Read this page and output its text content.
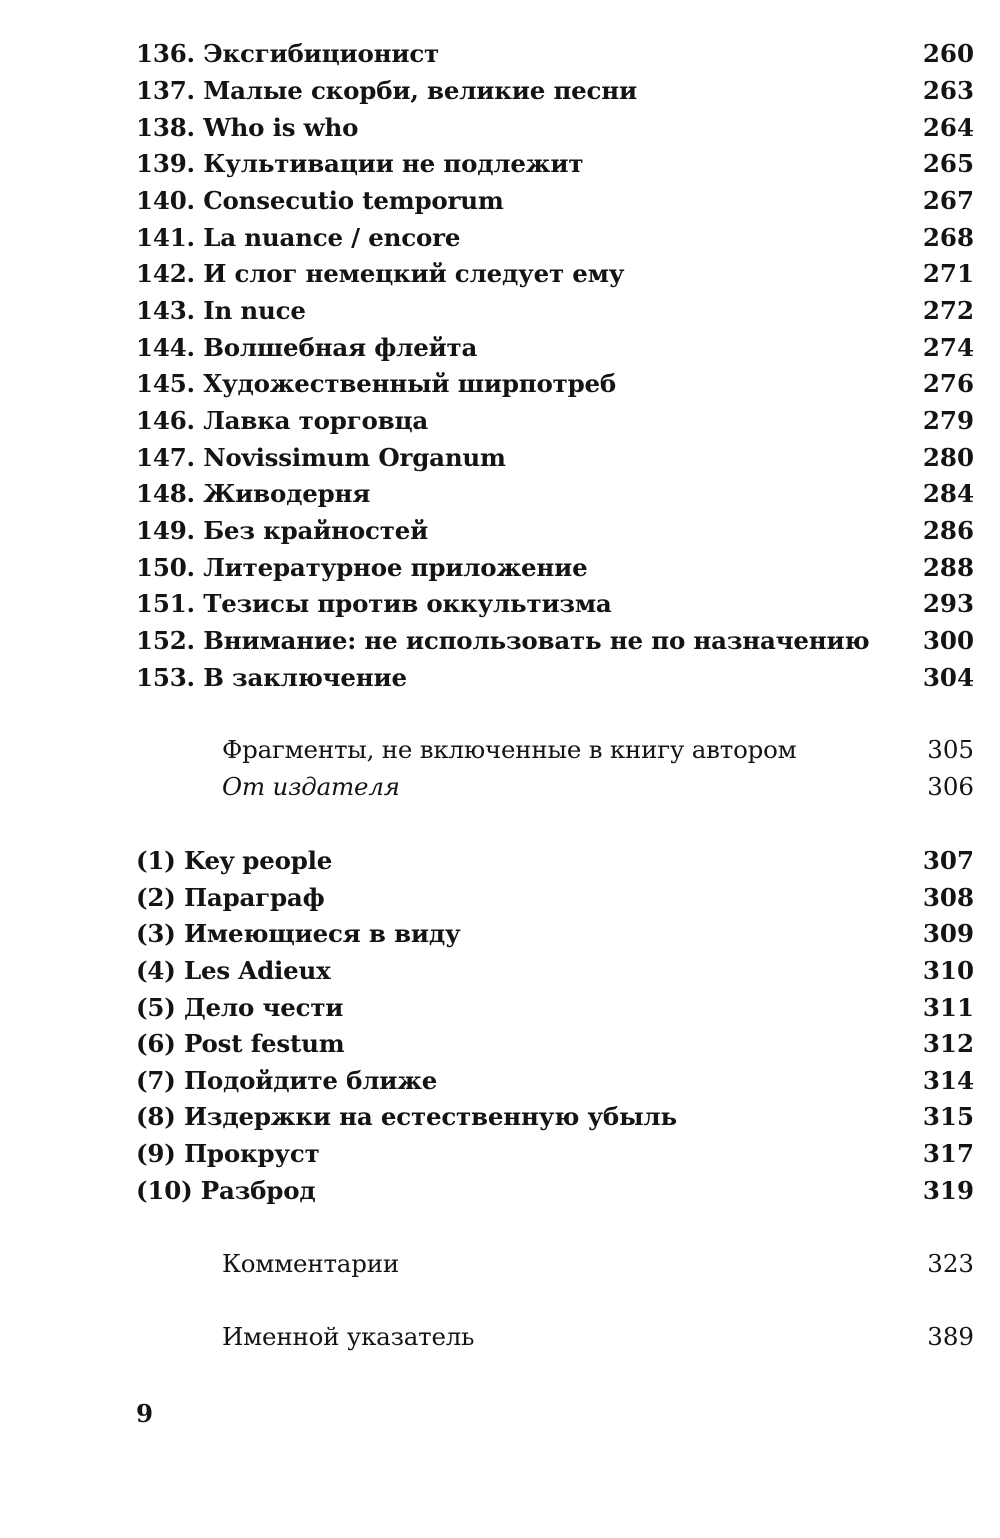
136. Эксгибиционист	260
137. Малые скорби, великие песни	263
138. Who is who	264
139. Культивации не подлежит	265
140. Consecutio temporum	267
141. La nuance / encore	268
142. И слог немецкий следует ему	271
143. In nuce	272
144. Волшебная флейта	274
145. Художественный ширпотреб	276
146. Лавка торговца	279
147. Novissimum Organum	280
148. Живодерня	284
149. Без крайностей	286
150. Литературное приложение	288
151. Тезисы против оккультизма	293
152. Внимание: не использовать не по назначению 300
153. В заключение	304
Фрагменты, не включенные в книгу автором	305
От издателя	306
(1) Key people	307
(2) Параграф	308
(3) Имеющиеся в виду	309
(4) Les Adieux	310
(5) Дело чести	311
(6) Post festum	312
(7) Подойдите ближе	314
(8) Издержки на естественную убыль	315
(9) Прокруст	317
(10) Разброд	319
Комментарии	323
Именной указатель	389
9
